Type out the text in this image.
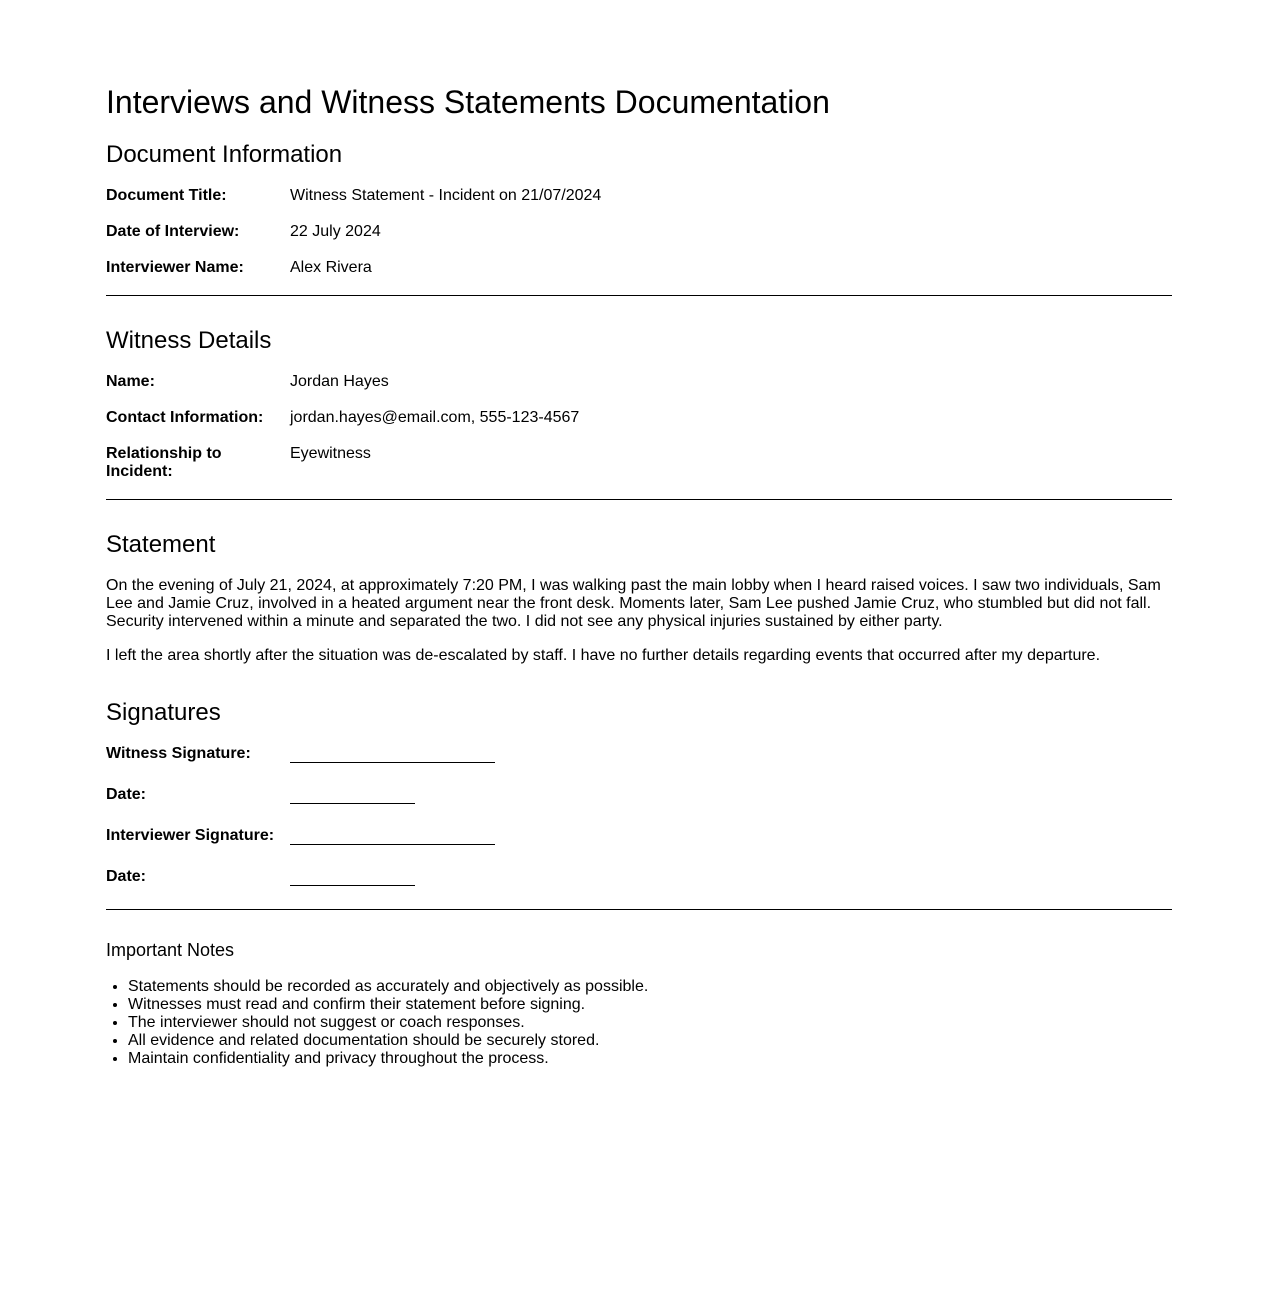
Interviews and Witness Statements Documentation
Document Information
Document Title:	Witness Statement - Incident on 21/07/2024
Date of Interview:	22 July 2024
Interviewer Name:	Alex Rivera
Witness Details
Name:	Jordan Hayes
Contact Information:	jordan.hayes@email.com, 555-123-4567
Relationship to Incident:
Eyewitness
Statement

On the evening of July 21, 2024, at approximately 7:20 PM, I was walking past the main lobby when I heard raised voices. I saw two individuals, Sam Lee and Jamie Cruz, involved in a heated argument near the front desk. Moments later, Sam Lee pushed Jamie Cruz, who stumbled but did not fall. Security intervened within a minute and separated the two. I did not see any physical injuries sustained by either party.

I left the area shortly after the situation was de-escalated by staff. I have no further details regarding events that occurred after my departure.

Signatures
Witness Signature:
Date:
Interviewer Signature:
Date:
Important Notes
• Statements should be recorded as accurately and objectively as possible.
• Witnesses must read and confirm their statement before signing.
• The interviewer should not suggest or coach responses.
• All evidence and related documentation should be securely stored.
• Maintain confidentiality and privacy throughout the process.
